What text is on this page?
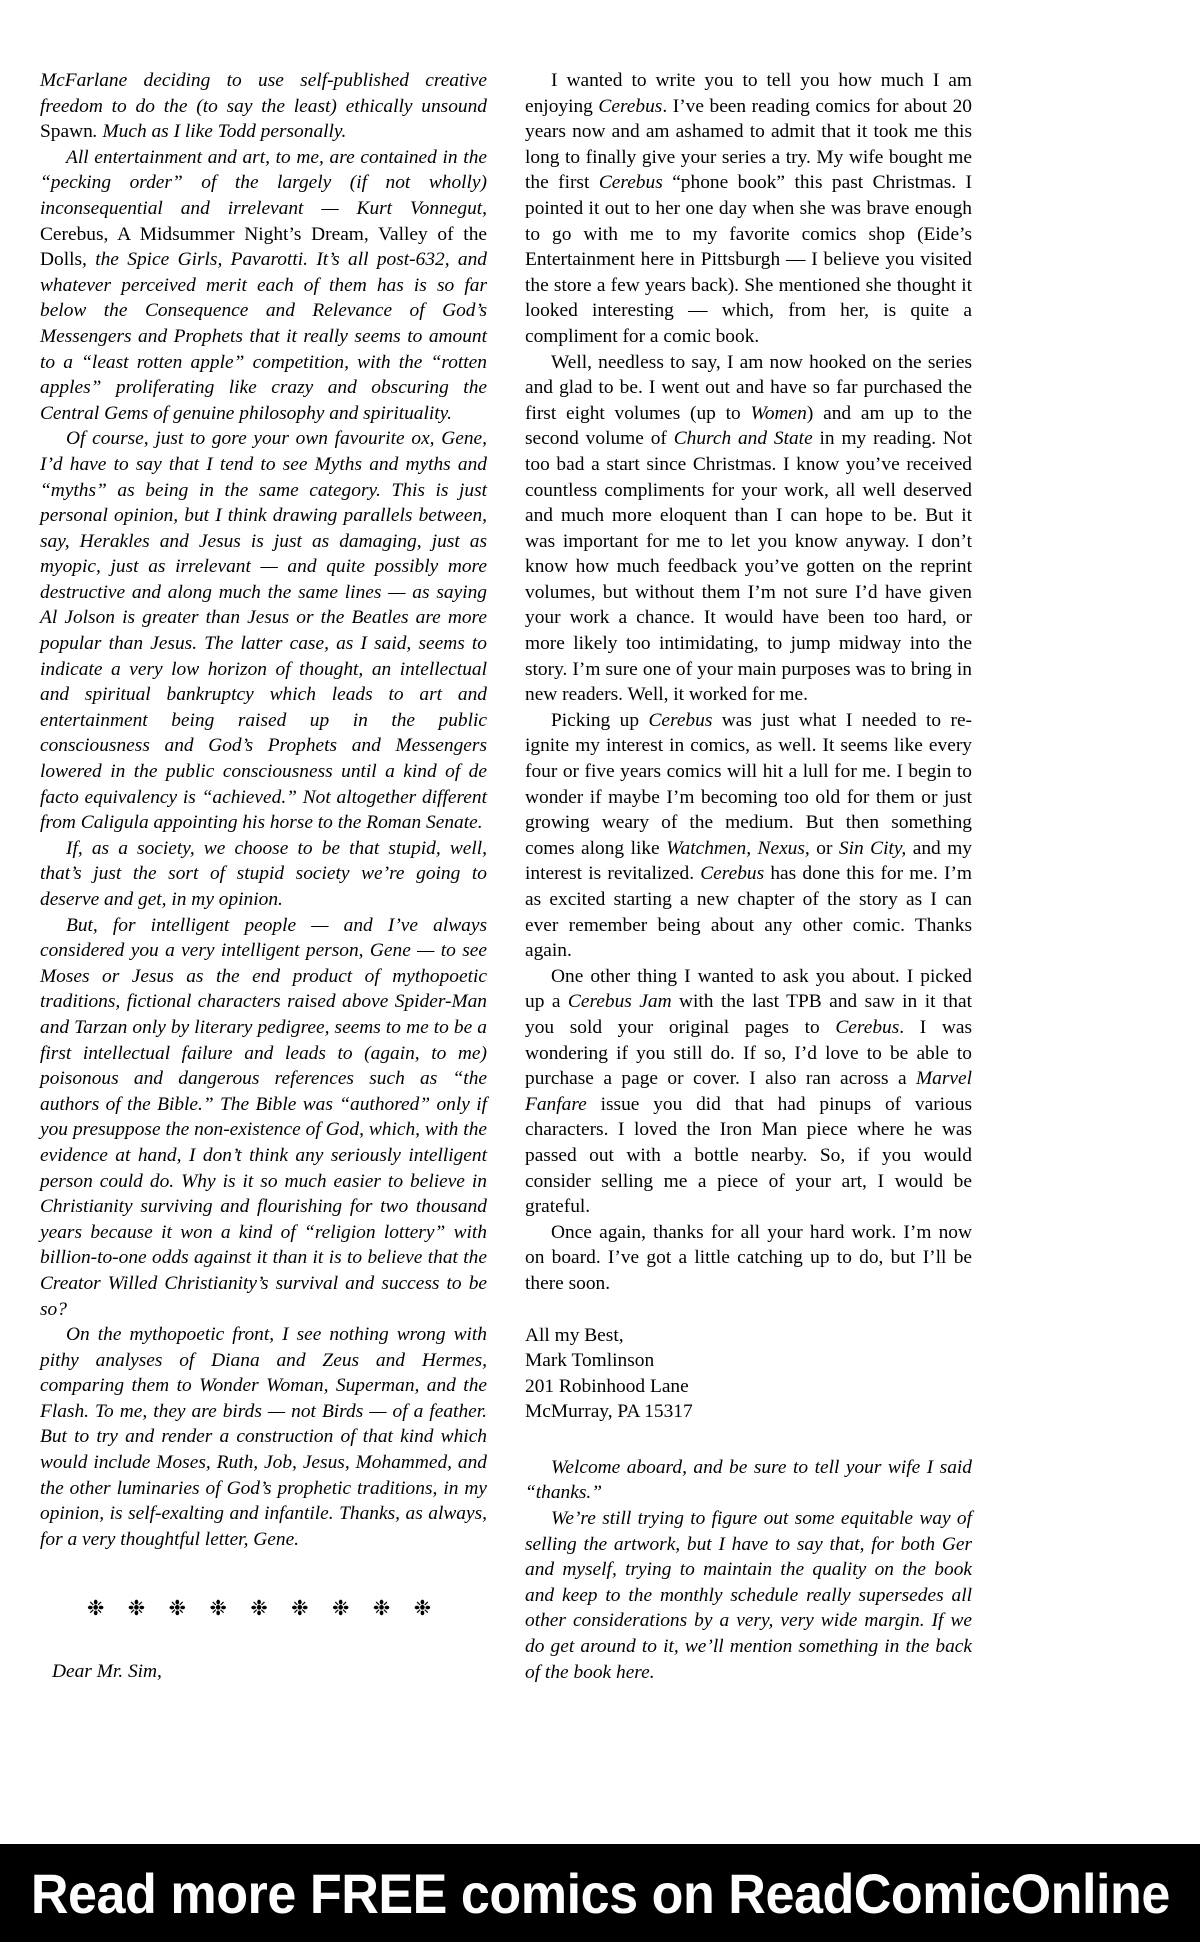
McFarlane deciding to use self-published creative freedom to do the (to say the least) ethically unsound Spawn. Much as I like Todd personally.

All entertainment and art, to me, are contained in the “pecking order” of the largely (if not wholly) inconsequential and irrelevant — Kurt Vonnegut, Cerebus, A Midsummer Night’s Dream, Valley of the Dolls, the Spice Girls, Pavarotti. It’s all post-632, and whatever perceived merit each of them has is so far below the Consequence and Relevance of God’s Messengers and Prophets that it really seems to amount to a “least rotten apple” competition, with the “rotten apples” proliferating like crazy and obscuring the Central Gems of genuine philosophy and spirituality.

Of course, just to gore your own favourite ox, Gene, I’d have to say that I tend to see Myths and myths and “myths” as being in the same category. This is just personal opinion, but I think drawing parallels between, say, Herakles and Jesus is just as damaging, just as myopic, just as irrelevant — and quite possibly more destructive and along much the same lines — as saying Al Jolson is greater than Jesus or the Beatles are more popular than Jesus. The latter case, as I said, seems to indicate a very low horizon of thought, an intellectual and spiritual bankruptcy which leads to art and entertainment being raised up in the public consciousness and God’s Prophets and Messengers lowered in the public consciousness until a kind of de facto equivalency is “achieved.” Not altogether different from Caligula appointing his horse to the Roman Senate.

If, as a society, we choose to be that stupid, well, that’s just the sort of stupid society we’re going to deserve and get, in my opinion.

But, for intelligent people — and I’ve always considered you a very intelligent person, Gene — to see Moses or Jesus as the end product of mythopoetic traditions, fictional characters raised above Spider-Man and Tarzan only by literary pedigree, seems to me to be a first intellectual failure and leads to (again, to me) poisonous and dangerous references such as “the authors of the Bible.” The Bible was “authored” only if you presuppose the non-existence of God, which, with the evidence at hand, I don’t think any seriously intelligent person could do. Why is it so much easier to believe in Christianity surviving and flourishing for two thousand years because it won a kind of “religion lottery” with billion-to-one odds against it than it is to believe that the Creator Willed Christianity’s survival and success to be so?

On the mythopoetic front, I see nothing wrong with pithy analyses of Diana and Zeus and Hermes, comparing them to Wonder Woman, Superman, and the Flash. To me, they are birds — not Birds — of a feather. But to try and render a construction of that kind which would include Moses, Ruth, Job, Jesus, Mohammed, and the other luminaries of God’s prophetic traditions, in my opinion, is self-exalting and infantile. Thanks, as always, for a very thoughtful letter, Gene.

❉ ❉ ❉ ❉ ❉ ❉ ❉ ❉ ❉

Dear Mr. Sim,

I wanted to write you to tell you how much I am enjoying Cerebus. I’ve been reading comics for about 20 years now and am ashamed to admit that it took me this long to finally give your series a try. My wife bought me the first Cerebus “phone book” this past Christmas. I pointed it out to her one day when she was brave enough to go with me to my favorite comics shop (Eide’s Entertainment here in Pittsburgh — I believe you visited the store a few years back). She mentioned she thought it looked interesting — which, from her, is quite a compliment for a comic book.

Well, needless to say, I am now hooked on the series and glad to be. I went out and have so far purchased the first eight volumes (up to Women) and am up to the second volume of Church and State in my reading. Not too bad a start since Christmas. I know you’ve received countless compliments for your work, all well deserved and much more eloquent than I can hope to be. But it was important for me to let you know anyway. I don’t know how much feedback you’ve gotten on the reprint volumes, but without them I’m not sure I’d have given your work a chance. It would have been too hard, or more likely too intimidating, to jump midway into the story. I’m sure one of your main purposes was to bring in new readers. Well, it worked for me.

Picking up Cerebus was just what I needed to re-ignite my interest in comics, as well. It seems like every four or five years comics will hit a lull for me. I begin to wonder if maybe I’m becoming too old for them or just growing weary of the medium. But then something comes along like Watchmen, Nexus, or Sin City, and my interest is revitalized. Cerebus has done this for me. I’m as excited starting a new chapter of the story as I can ever remember being about any other comic. Thanks again.

One other thing I wanted to ask you about. I picked up a Cerebus Jam with the last TPB and saw in it that you sold your original pages to Cerebus. I was wondering if you still do. If so, I’d love to be able to purchase a page or cover. I also ran across a Marvel Fanfare issue you did that had pinups of various characters. I loved the Iron Man piece where he was passed out with a bottle nearby. So, if you would consider selling me a piece of your art, I would be grateful.

Once again, thanks for all your hard work. I’m now on board. I’ve got a little catching up to do, but I’ll be there soon.

All my Best,
Mark Tomlinson
201 Robinhood Lane
McMurray, PA 15317

Welcome aboard, and be sure to tell your wife I said “thanks.”

We’re still trying to figure out some equitable way of selling the artwork, but I have to say that, for both Ger and myself, trying to maintain the quality on the book and keep to the monthly schedule really supersedes all other considerations by a very, very wide margin. If we do get around to it, we’ll mention something in the back of the book here.

Read more FREE comics on ReadComicOnline
